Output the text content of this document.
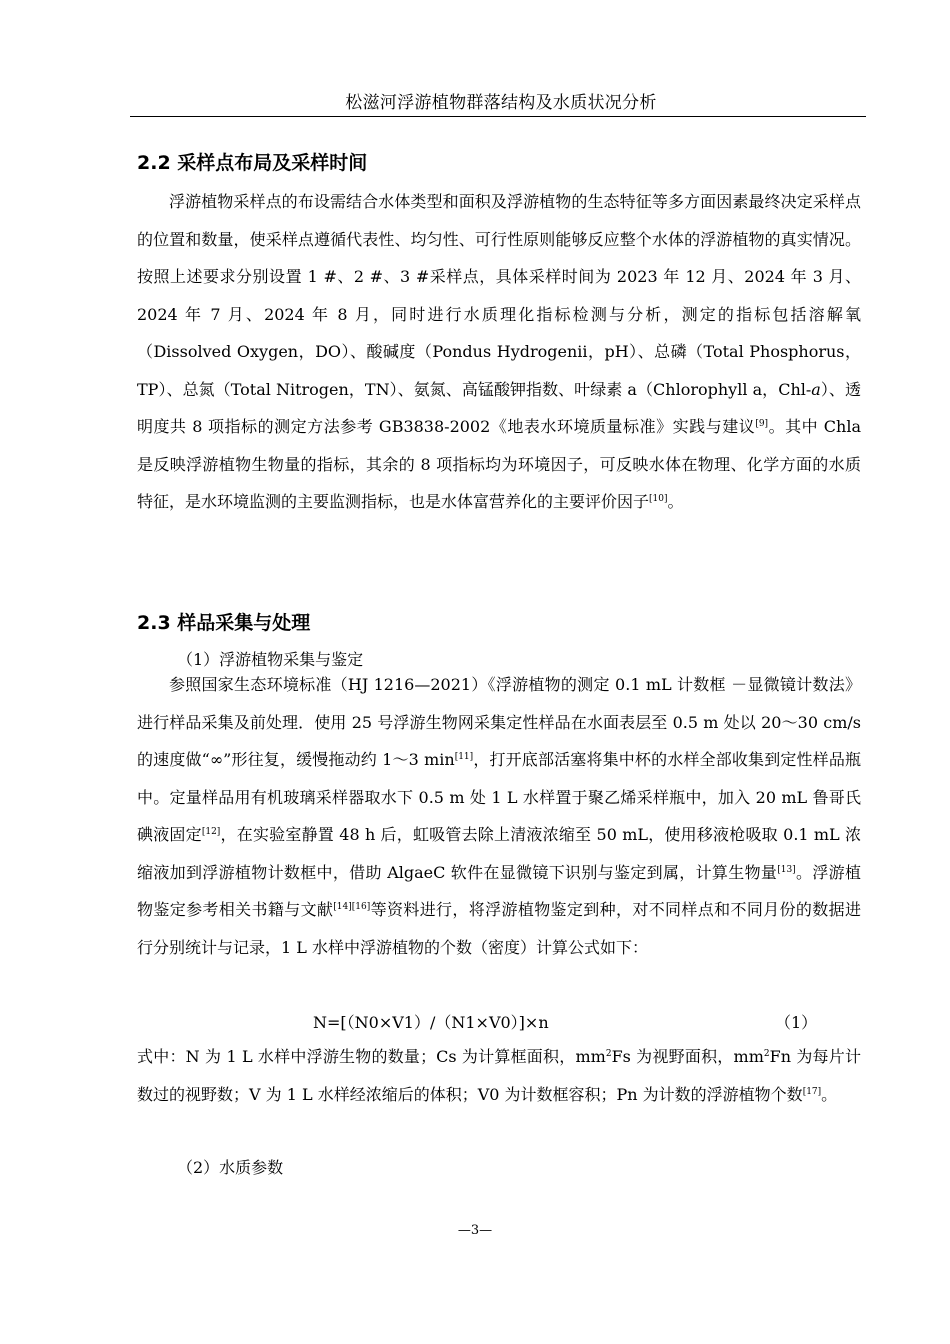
松滋河浮游植物群落结构及水质状况分析
2.2 采样点布局及采样时间
浮游植物采样点的布设需结合水体类型和面积及浮游植物的生态特征等多方面因素最终决定采样点的位置和数量，使采样点遵循代表性、均匀性、可行性原则能够反应整个水体的浮游植物的真实情况。按照上述要求分别设置 1 #、2 #、3 #采样点，具体采样时间为 2023 年 12 月、2024 年 3 月、2024 年 7 月、2024 年 8 月，同时进行水质理化指标检测与分析，测定的指标包括溶解氧（Dissolved Oxygen，DO）、酸碱度（Pondus Hydrogenii，pH）、总磷（Total Phosphorus，TP）、总氮（Total Nitrogen，TN）、氨氮、高锰酸钾指数、叶绿素 a（Chlorophyll a，Chl-a）、透明度共 8 项指标的测定方法参考 GB3838-2002《地表水环境质量标准》实践与建议[9]。其中 Chla 是反映浮游植物生物量的指标，其余的 8 项指标均为环境因子，可反映水体在物理、化学方面的水质特征，是水环境监测的主要监测指标，也是水体富营养化的主要评价因子[10]。
2.3 样品采集与处理
（1）浮游植物采集与鉴定
参照国家生态环境标准（HJ 1216—2021）《浮游植物的测定 0.1 mL 计数框 －显微镜计数法》进行样品采集及前处理．使用 25 号浮游生物网采集定性样品在水面表层至 0.5 m 处以 20～30 cm/s 的速度做“∞”形往复，缓慢拖动约 1～3 min[11]，打开底部活塞将集中杯的水样全部收集到定性样品瓶中。定量样品用有机玻璃采样器取水下 0.5 m 处 1 L 水样置于聚乙烯采样瓶中，加入 20 mL 鲁哥氏碘液固定[12]，在实验室静置 48 h 后，虹吸管去除上清液浓缩至 50 mL，使用移液枪吸取 0.1 mL 浓缩液加到浮游植物计数框中，借助 AlgaeC 软件在显微镜下识别与鉴定到属，计算生物量[13]。浮游植物鉴定参考相关书籍与文献[14][16]等资料进行，将浮游植物鉴定到种，对不同样点和不同月份的数据进行分别统计与记录，1 L 水样中浮游植物的个数（密度）计算公式如下：
N=[（N0×V1）/（N1×V0）]×n	（1）
式中：N 为 1 L 水样中浮游生物的数量；Cs 为计算框面积，$mm^2Fs$ 为视野面积，$mm^2Fn$ 为每片计数过的视野数；V 为 1 L 水样经浓缩后的体积；V0 为计数框容积；Pn 为计数的浮游植物个数[17]。
（2）水质参数
—3—
